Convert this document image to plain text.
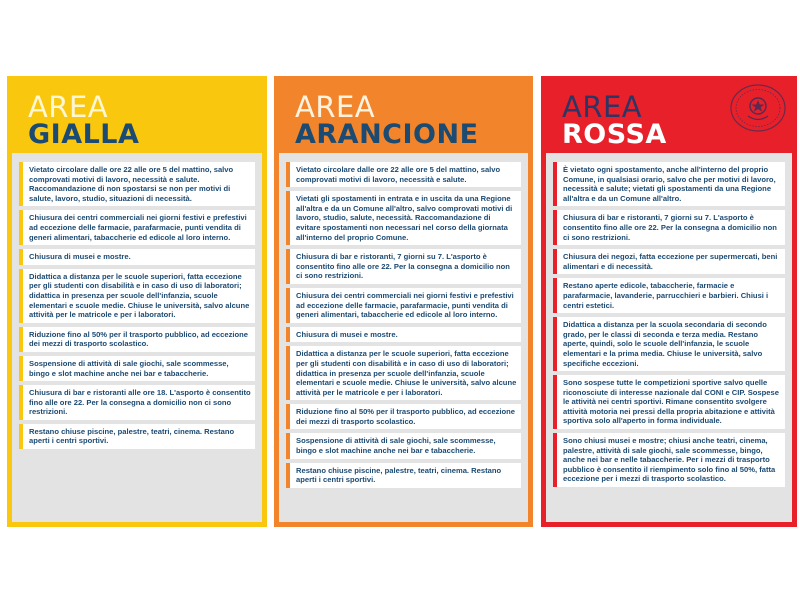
AREA
GIALLA
Vietato circolare dalle ore 22 alle ore 5 del mattino, salvo comprovati motivi di lavoro, necessità e salute. Raccomandazione di non spostarsi se non per motivi di salute, lavoro, studio, situazioni di necessità.
Chiusura dei centri commerciali nei giorni festivi e prefestivi ad eccezione delle farmacie, parafarmacie, punti vendita di generi alimentari, tabaccherie ed edicole al loro interno.
Chiusura di musei e mostre.
Didattica a distanza per le scuole superiori, fatta eccezione per gli studenti con disabilità e in caso di uso di laboratori; didattica in presenza per scuole dell'infanzia, scuole elementari e scuole medie. Chiuse le università, salvo alcune attività per le matricole e per i laboratori.
Riduzione fino al 50% per il trasporto pubblico, ad eccezione dei mezzi di trasporto scolastico.
Sospensione di attività di sale giochi, sale scommesse, bingo e slot machine anche nei bar e tabaccherie.
Chiusura di bar e ristoranti alle ore 18. L'asporto è consentito fino alle ore 22. Per la consegna a domicilio non ci sono restrizioni.
Restano chiuse piscine, palestre, teatri, cinema. Restano aperti i centri sportivi.
AREA
ARANCIONE
Vietato circolare dalle ore 22 alle ore 5 del mattino, salvo comprovati motivi di lavoro, necessità e salute.
Vietati gli spostamenti in entrata e in uscita da una Regione all'altra e da un Comune all'altro, salvo comprovati motivi di lavoro, studio, salute, necessità. Raccomandazione di evitare spostamenti non necessari nel corso della giornata all'interno del proprio Comune.
Chiusura di bar e ristoranti, 7 giorni su 7. L'asporto è consentito fino alle ore 22. Per la consegna a domicilio non ci sono restrizioni.
Chiusura dei centri commerciali nei giorni festivi e prefestivi ad eccezione delle farmacie, parafarmacie, punti vendita di generi alimentari, tabaccherie ed edicole al loro interno.
Chiusura di musei e mostre.
Didattica a distanza per le scuole superiori, fatta eccezione per gli studenti con disabilità e in caso di uso di laboratori; didattica in presenza per scuole dell'infanzia, scuole elementari e scuole medie. Chiuse le università, salvo alcune attività per le matricole e per i laboratori.
Riduzione fino al 50% per il trasporto pubblico, ad eccezione dei mezzi di trasporto scolastico.
Sospensione di attività di sale giochi, sale scommesse, bingo e slot machine anche nei bar e tabaccherie.
Restano chiuse piscine, palestre, teatri, cinema. Restano aperti i centri sportivi.
AREA
ROSSA
È vietato ogni spostamento, anche all'interno del proprio Comune, in qualsiasi orario, salvo che per motivi di lavoro, necessità e salute; vietati gli spostamenti da una Regione all'altra e da un Comune all'altro.
Chiusura di bar e ristoranti, 7 giorni su 7. L'asporto è consentito fino alle ore 22. Per la consegna a domicilio non ci sono restrizioni.
Chiusura dei negozi, fatta eccezione per supermercati, beni alimentari e di necessità.
Restano aperte edicole, tabaccherie, farmacie e parafarmacie, lavanderie, parrucchieri e barbieri. Chiusi i centri estetici.
Didattica a distanza per la scuola secondaria di secondo grado, per le classi di seconda e terza media. Restano aperte, quindi, solo le scuole dell'infanzia, le scuole elementari e la prima media. Chiuse le università, salvo specifiche eccezioni.
Sono sospese tutte le competizioni sportive salvo quelle riconosciute di interesse nazionale dal CONI e CIP. Sospese le attività nei centri sportivi. Rimane consentito svolgere attività motoria nei pressi della propria abitazione e attività sportiva solo all'aperto in forma individuale.
Sono chiusi musei e mostre; chiusi anche teatri, cinema, palestre, attività di sale giochi, sale scommesse, bingo, anche nei bar e nelle tabaccherie. Per i mezzi di trasporto pubblico è consentito il riempimento solo fino al 50%, fatta eccezione per i mezzi di trasporto scolastico.
